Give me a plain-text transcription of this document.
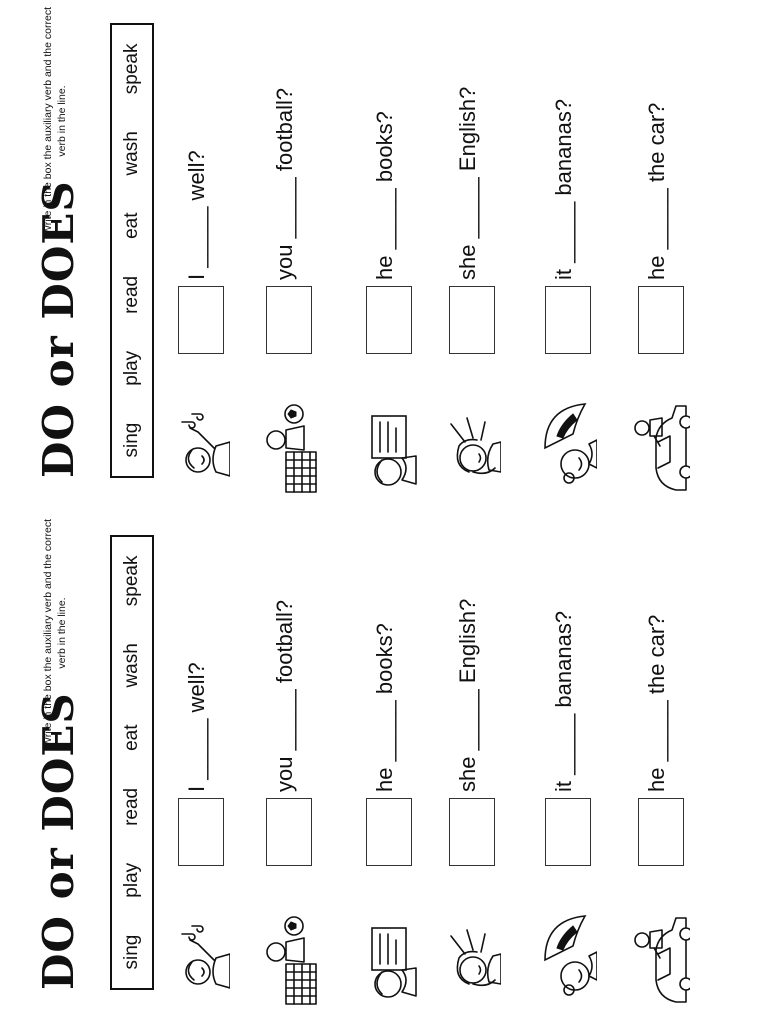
DO or DOES
Write in the box the auxiliary verb and the correct verb in the line.
sing
play
read
eat
wash
speak
I _____ well?
you _____ football?
he _____ books?
she _____ English?
it _____ bananas?
he _____ the car?
DO or DOES
Write in the box the auxiliary verb and the correct verb in the line.
sing
play
read
eat
wash
speak
I _____ well?
you _____ football?
he _____ books?
she _____ English?
it _____ bananas?
he _____ the car?
